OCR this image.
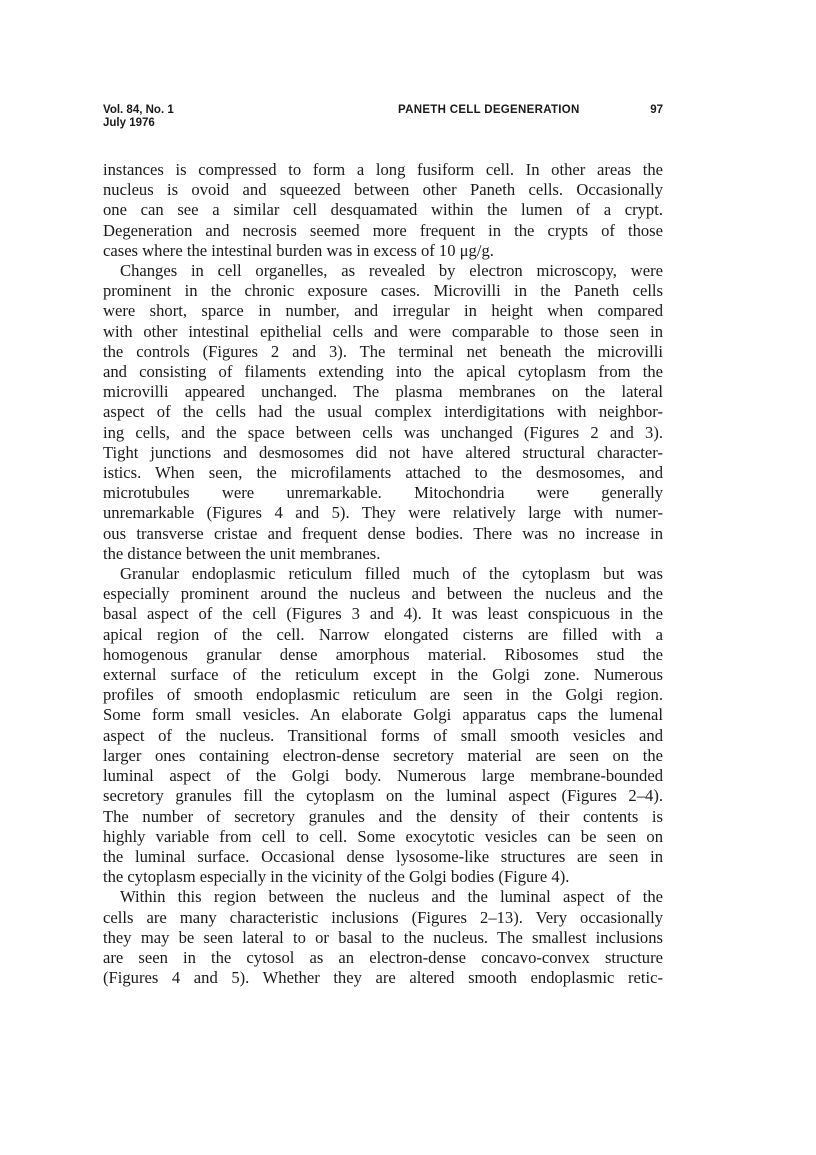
Vol. 84, No. 1
July 1976
PANETH CELL DEGENERATION	97
instances is compressed to form a long fusiform cell. In other areas the
nucleus is ovoid and squeezed between other Paneth cells. Occasionally
one can see a similar cell desquamated within the lumen of a crypt.
Degeneration and necrosis seemed more frequent in the crypts of those
cases where the intestinal burden was in excess of 10 μg/g.
Changes in cell organelles, as revealed by electron microscopy, were
prominent in the chronic exposure cases. Microvilli in the Paneth cells
were short, sparce in number, and irregular in height when compared
with other intestinal epithelial cells and were comparable to those seen in
the controls (Figures 2 and 3). The terminal net beneath the microvilli
and consisting of filaments extending into the apical cytoplasm from the
microvilli appeared unchanged. The plasma membranes on the lateral
aspect of the cells had the usual complex interdigitations with neighbor-
ing cells, and the space between cells was unchanged (Figures 2 and 3).
Tight junctions and desmosomes did not have altered structural character-
istics. When seen, the microfilaments attached to the desmosomes, and
microtubules were unremarkable. Mitochondria were generally
unremarkable (Figures 4 and 5). They were relatively large with numer-
ous transverse cristae and frequent dense bodies. There was no increase in
the distance between the unit membranes.
Granular endoplasmic reticulum filled much of the cytoplasm but was
especially prominent around the nucleus and between the nucleus and the
basal aspect of the cell (Figures 3 and 4). It was least conspicuous in the
apical region of the cell. Narrow elongated cisterns are filled with a
homogenous granular dense amorphous material. Ribosomes stud the
external surface of the reticulum except in the Golgi zone. Numerous
profiles of smooth endoplasmic reticulum are seen in the Golgi region.
Some form small vesicles. An elaborate Golgi apparatus caps the lumenal
aspect of the nucleus. Transitional forms of small smooth vesicles and
larger ones containing electron-dense secretory material are seen on the
luminal aspect of the Golgi body. Numerous large membrane-bounded
secretory granules fill the cytoplasm on the luminal aspect (Figures 2–4).
The number of secretory granules and the density of their contents is
highly variable from cell to cell. Some exocytotic vesicles can be seen on
the luminal surface. Occasional dense lysosome-like structures are seen in
the cytoplasm especially in the vicinity of the Golgi bodies (Figure 4).
Within this region between the nucleus and the luminal aspect of the
cells are many characteristic inclusions (Figures 2–13). Very occasionally
they may be seen lateral to or basal to the nucleus. The smallest inclusions
are seen in the cytosol as an electron-dense concavo-convex structure
(Figures 4 and 5). Whether they are altered smooth endoplasmic retic-
